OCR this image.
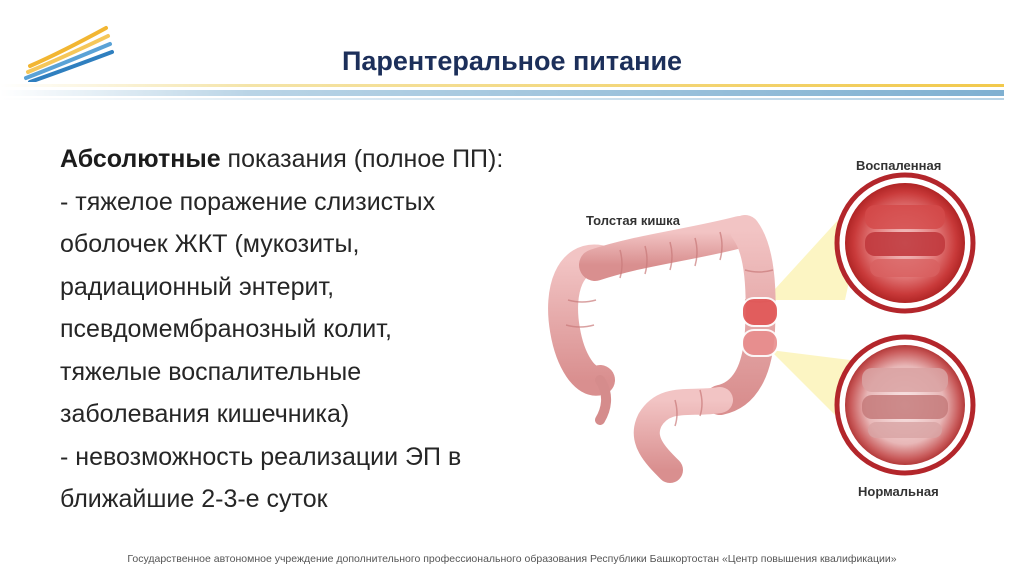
Парентеральное питание
Абсолютные показания (полное ПП):
- тяжелое поражение слизистых
оболочек ЖКТ (мукозиты,
радиационный энтерит,
псевдомембранозный колит,
тяжелые воспалительные
заболевания кишечника)
- невозможность реализации ЭП в
ближайшие 2-3-е суток
Толстая кишка
Воспаленная
Нормальная
Государственное автономное учреждение дополнительного профессионального образования Республики Башкортостан «Центр повышения квалификации»
